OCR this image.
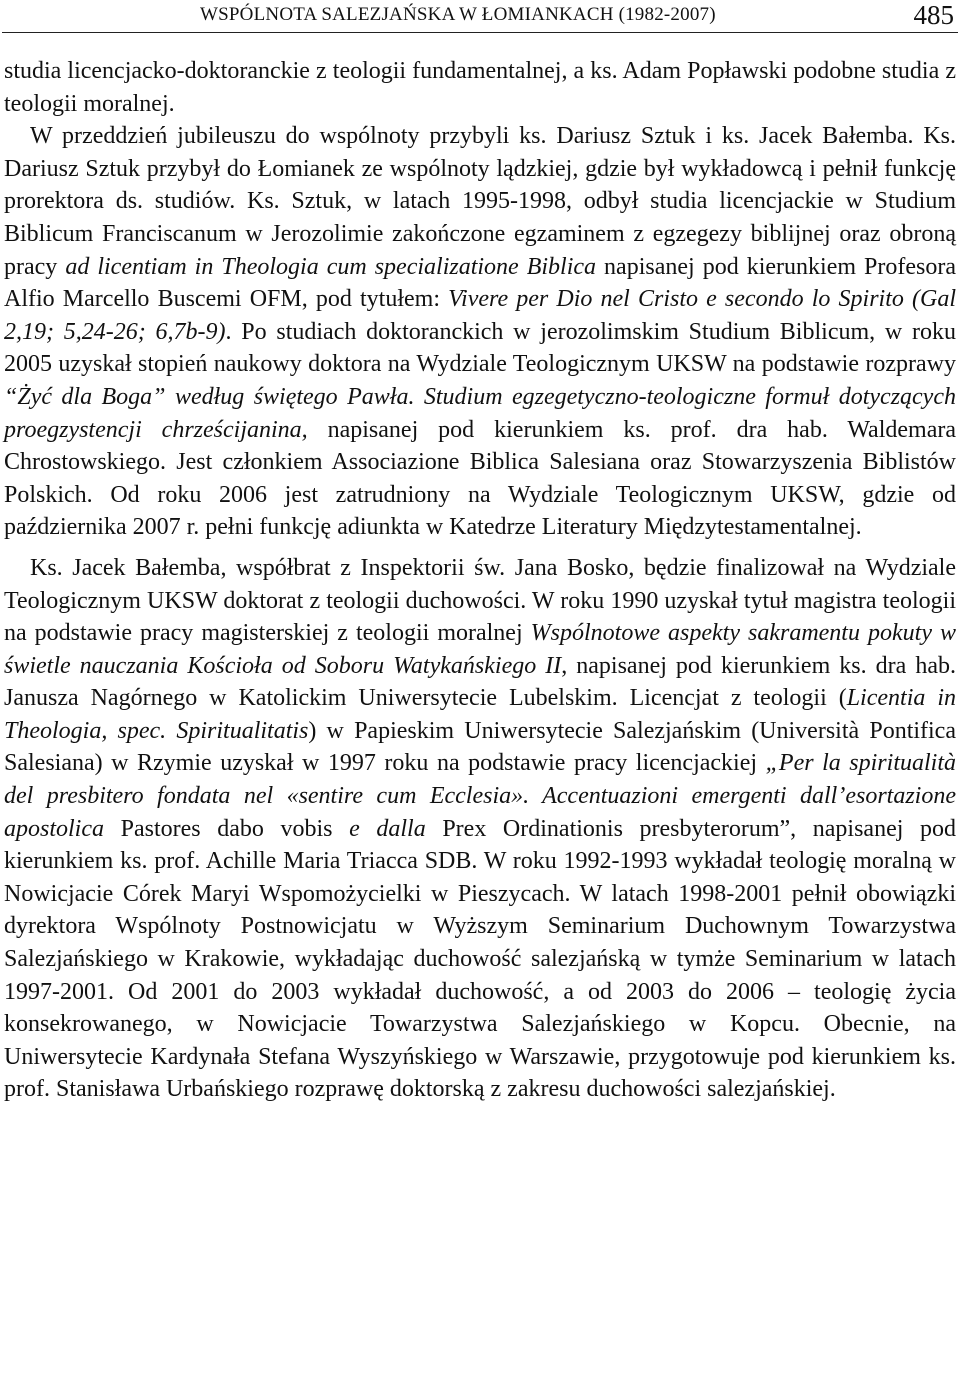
WSPÓLNOTA SALEZJAŃSKA W ŁOMIANKACH (1982-2007)	485

studia licencjacko-doktoranckie z teologii fundamentalnej, a ks. Adam Popławski podobne studia z teologii moralnej.

W przeddzień jubileuszu do wspólnoty przybyli ks. Dariusz Sztuk i ks. Jacek Bałemba. Ks. Dariusz Sztuk przybył do Łomianek ze wspólnoty lądzkiej, gdzie był wykładowcą i pełnił funkcję prorektora ds. studiów. Ks. Sztuk, w latach 1995-1998, odbył studia licencjackie w Studium Biblicum Franciscanum w Jerozolimie zakończone egzaminem z egzegezy biblijnej oraz obroną pracy ad licentiam in Theologia cum specializatione Biblica napisanej pod kierunkiem Profesora Alfio Marcello Buscemi OFM, pod tytułem: Vivere per Dio nel Cristo e secondo lo Spirito (Gal 2,19; 5,24-26; 6,7b-9). Po studiach doktoranckich w jerozolimskim Studium Biblicum, w roku 2005 uzyskał stopień naukowy doktora na Wydziale Teologicznym UKSW na podstawie rozprawy “Żyć dla Boga” według świętego Pawła. Studium egzegetyczno-teologiczne formuł dotyczących proegzystencji chrześcijanina, napisanej pod kierunkiem ks. prof. dra hab. Waldemara Chrostowskiego. Jest członkiem Associazione Biblica Salesiana oraz Stowarzyszenia Biblistów Polskich. Od roku 2006 jest zatrudniony na Wydziale Teologicznym UKSW, gdzie od października 2007 r. pełni funkcję adiunkta w Katedrze Literatury Międzytestamentalnej.

Ks. Jacek Bałemba, współbrat z Inspektorii św. Jana Bosko, będzie finalizował na Wydziale Teologicznym UKSW doktorat z teologii duchowości. W roku 1990 uzyskał tytuł magistra teologii na podstawie pracy magisterskiej z teologii moralnej Wspólnotowe aspekty sakramentu pokuty w świetle nauczania Kościoła od Soboru Watykańskiego II, napisanej pod kierunkiem ks. dra hab. Janusza Nagórnego w Katolickim Uniwersytecie Lubelskim. Licencjat z teologii (Licentia in Theologia, spec. Spiritualitatis) w Papieskim Uniwersytecie Salezjańskim (Università Pontifica Salesiana) w Rzymie uzyskał w 1997 roku na podstawie pracy licencjackiej „Per la spiritualità del presbitero fondata nel «sentire cum Ecclesia». Accentuazioni emergenti dall’esortazione apostolica Pastores dabo vobis e dalla Prex Ordinationis presbyterorum”, napisanej pod kierunkiem ks. prof. Achille Maria Triacca SDB. W roku 1992-1993 wykładał teologię moralną w Nowicjacie Córek Maryi Wspomożycielki w Pieszycach. W latach 1998-2001 pełnił obowiązki dyrektora Wspólnoty Postnowicjatu w Wyższym Seminarium Duchownym Towarzystwa Salezjańskiego w Krakowie, wykładając duchowość salezjańską w tymże Seminarium w latach 1997-2001. Od 2001 do 2003 wykładał duchowość, a od 2003 do 2006 – teologię życia konsekrowanego, w Nowicjacie Towarzystwa Salezjańskiego w Kopcu. Obecnie, na Uniwersytecie Kardynała Stefana Wyszyńskiego w Warszawie, przygotowuje pod kierunkiem ks. prof. Stanisława Urbańskiego rozprawę doktorską z zakresu duchowości salezjańskiej.
